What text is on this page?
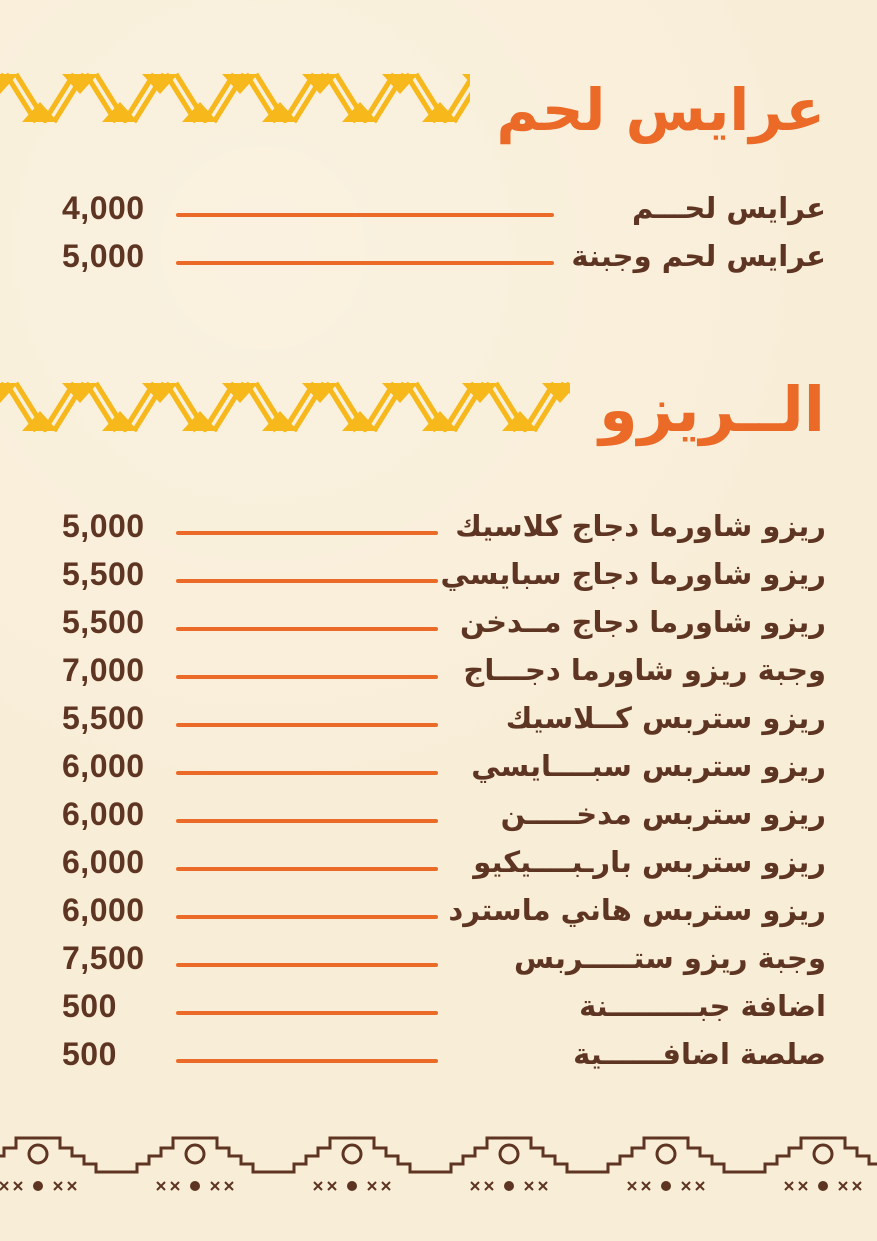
عرايس لحم
الــريزو
4,000	عرايس لحـــم
5,000	عرايس لحم وجبنة
5,000	ريزو شاورما دجاج كلاسيك
5,500	ريزو شاورما دجاج سبايسي
5,500	ريزو شاورما دجاج مــدخن
7,000	وجبة ريزو شاورما دجـــاج
5,500	ريزو ستربس كــلاسيك
6,000	ريزو ستربس سبــــايسي
6,000	ريزو ستربس مدخـــــن
6,000	ريزو ستربس بارـبــــيكيو
6,000	ريزو ستربس هاني ماسترد
7,500	وجبة ريزو ستـــــربس
500	اضافة جبـــــــــنة
500	صلصة اضافــــــية
